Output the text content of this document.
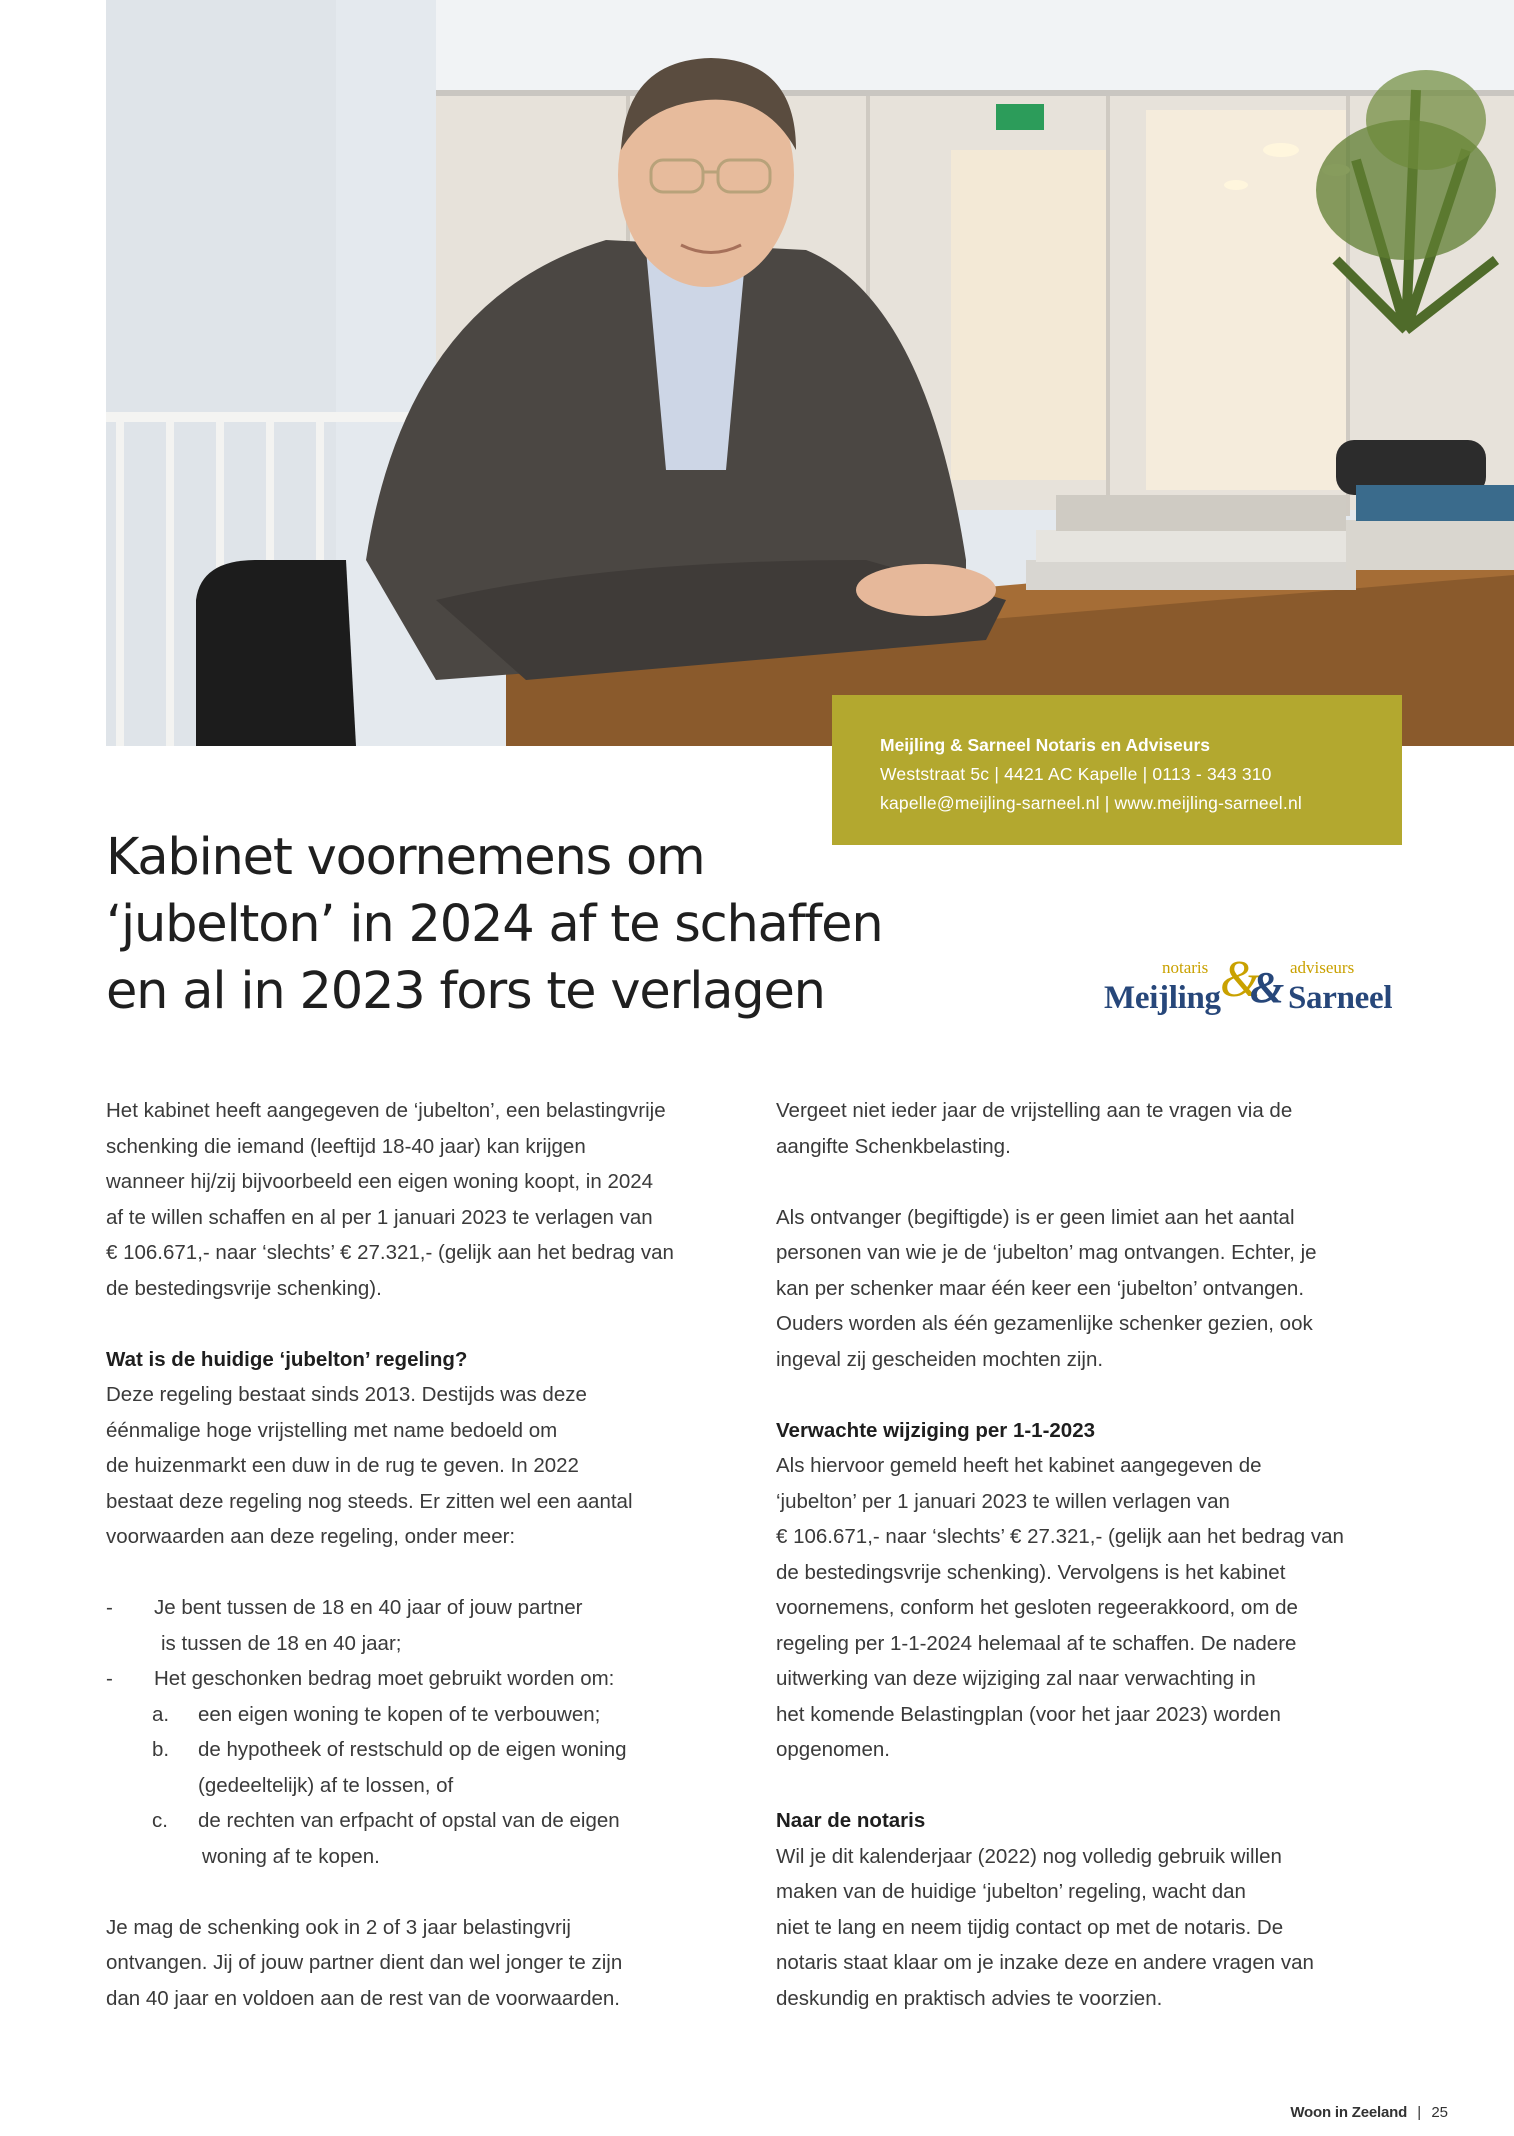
Meijling & Sarneel Notaris en Adviseurs
Weststraat 5c | 4421 AC Kapelle | 0113 - 343 310
kapelle@meijling-sarneel.nl | www.meijling-sarneel.nl
Kabinet voornemens om
‘jubelton’ in 2024 af te schaffen
en al in 2023 fors te verlagen	notaris	adviseurs
Meijling &
& Sarneel

Het kabinet heeft aangegeven de ‘jubelton’, een belastingvrije
schenking die iemand (leeftijd 18-40 jaar) kan krijgen
wanneer hij/zij bijvoorbeeld een eigen woning koopt, in 2024
af te willen schaffen en al per 1 januari 2023 te verlagen van
€ 106.671,- naar ‘slechts’ € 27.321,- (gelijk aan het bedrag van
de bestedingsvrije schenking).

Wat is de huidige ‘jubelton’ regeling?

Deze regeling bestaat sinds 2013. Destijds was deze
éénmalige hoge vrijstelling met name bedoeld om
de huizenmarkt een duw in de rug te geven. In 2022
bestaat deze regeling nog steeds. Er zitten wel een aantal
voorwaarden aan deze regeling, onder meer:

- Je bent tussen de 18 en 40 jaar of jouw partner
is tussen de 18 en 40 jaar;
- Het geschonken bedrag moet gebruikt worden om:
a. een eigen woning te kopen of te verbouwen;
b. de hypotheek of restschuld op de eigen woning
(gedeeltelijk) af te lossen, of
c. de rechten van erfpacht of opstal van de eigen
woning af te kopen.

Je mag de schenking ook in 2 of 3 jaar belastingvrij
ontvangen. Jij of jouw partner dient dan wel jonger te zijn
dan 40 jaar en voldoen aan de rest van de voorwaarden.

Vergeet niet ieder jaar de vrijstelling aan te vragen via de
aangifte Schenkbelasting.

Als ontvanger (begiftigde) is er geen limiet aan het aantal
personen van wie je de ‘jubelton’ mag ontvangen. Echter, je
kan per schenker maar één keer een ‘jubelton’ ontvangen.
Ouders worden als één gezamenlijke schenker gezien, ook
ingeval zij gescheiden mochten zijn.

Verwachte wijziging per 1-1-2023

Als hiervoor gemeld heeft het kabinet aangegeven de
‘jubelton’ per 1 januari 2023 te willen verlagen van
€ 106.671,- naar ‘slechts’ € 27.321,- (gelijk aan het bedrag van
de bestedingsvrije schenking). Vervolgens is het kabinet
voornemens, conform het gesloten regeerakkoord, om de
regeling per 1-1-2024 helemaal af te schaffen. De nadere
uitwerking van deze wijziging zal naar verwachting in
het komende Belastingplan (voor het jaar 2023) worden
opgenomen.

Naar de notaris

Wil je dit kalenderjaar (2022) nog volledig gebruik willen
maken van de huidige ‘jubelton’ regeling, wacht dan
niet te lang en neem tijdig contact op met de notaris. De
notaris staat klaar om je inzake deze en andere vragen van
deskundig en praktisch advies te voorzien.

Woon in Zeeland | 25
